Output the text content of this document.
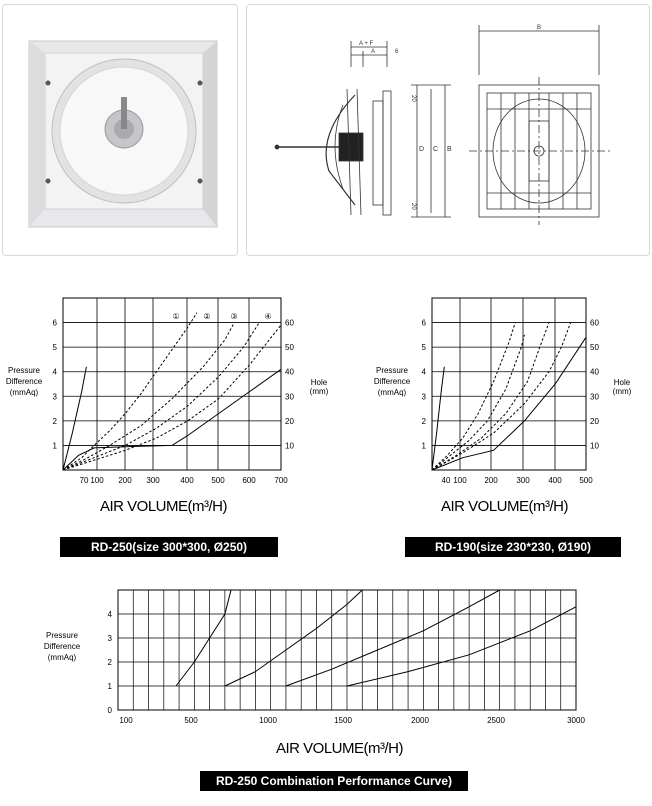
A + F
A	6
20
20
D C B
B
Pressure Difference (mmAq)
Hole (mm)
1
2
3
4
5
6
10
20
30
40
50
60
70 100 200 300	400 500 600 700
①	② ③	④
1
2
3
4
5
6
10
20
30
40
50
60
40 100 200 300 400 500
0
1
2
3
4
100	500	1000	1500	2000	2500	3000
AIR VOLUME(m³/H)
RD-250(size 300*300, Ø250)
Pressure Difference (mmAq)
Hole (mm)
AIR VOLUME(m³/H)
RD-190(size 230*230, Ø190)
Pressure Difference (mmAq)
AIR VOLUME(m³/H)
RD-250 Combination Performance Curve)
